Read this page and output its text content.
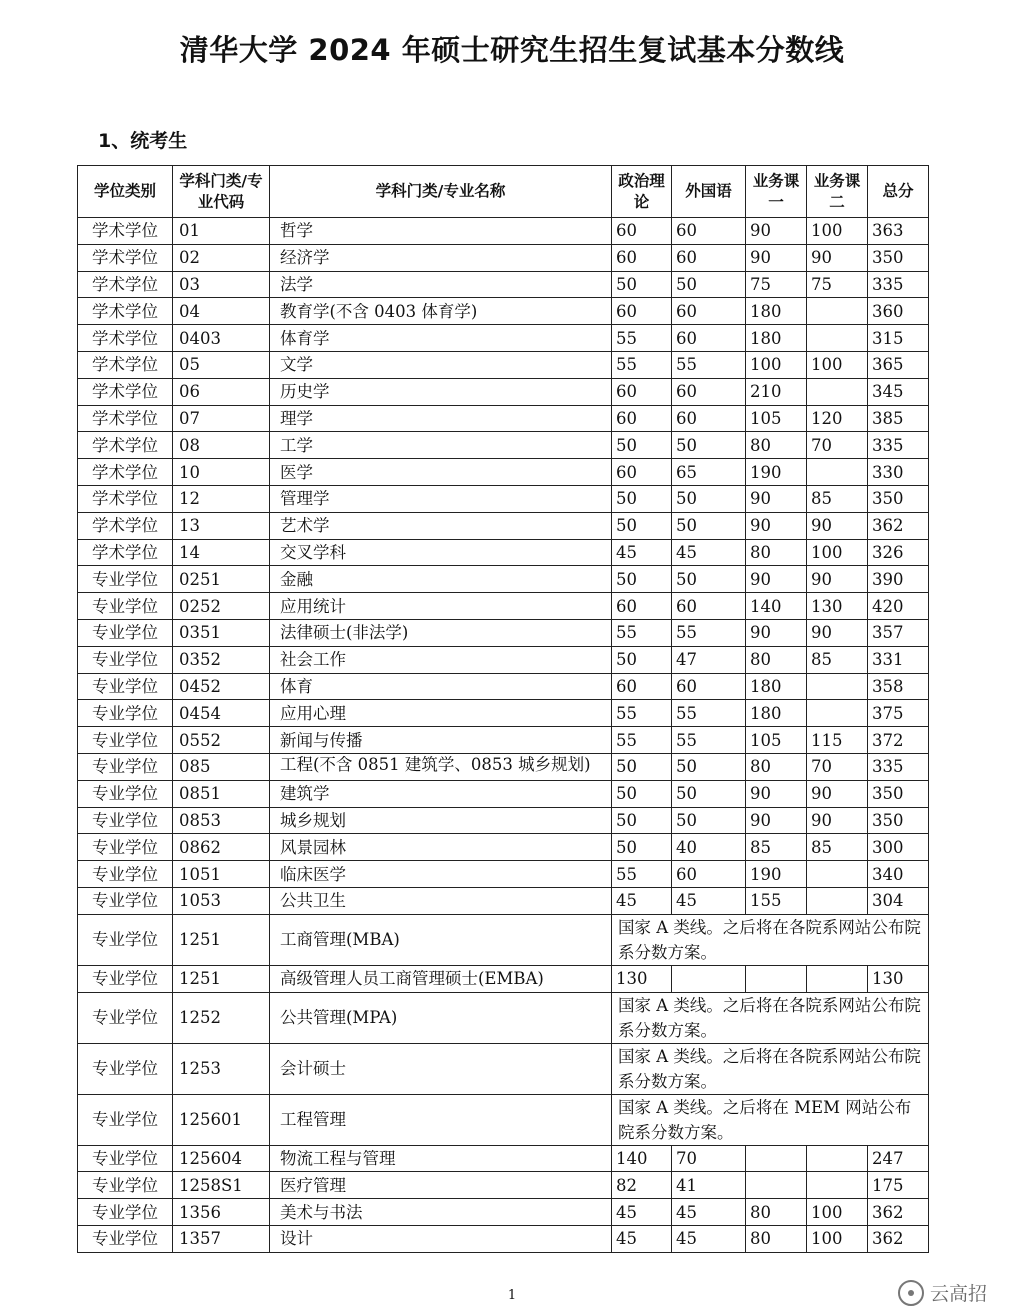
清华大学 2024 年硕士研究生招生复试基本分数线
1、统考生
学位类别	学科门类/专业代码	学科门类/专业名称	政治理论	外国语	业务课一	业务课二	总分
学术学位	01	哲学	60	60	90	100	363
学术学位	02	经济学	60	60	90	90	350
学术学位	03	法学	50	50	75	75	335
学术学位	04	教育学(不含 0403 体育学)	60	60	180		360
学术学位	0403	体育学	55	60	180		315
学术学位	05	文学	55	55	100	100	365
学术学位	06	历史学	60	60	210		345
学术学位	07	理学	60	60	105	120	385
学术学位	08	工学	50	50	80	70	335
学术学位	10	医学	60	65	190		330
学术学位	12	管理学	50	50	90	85	350
学术学位	13	艺术学	50	50	90	90	362
学术学位	14	交叉学科	45	45	80	100	326
专业学位	0251	金融	50	50	90	90	390
专业学位	0252	应用统计	60	60	140	130	420
专业学位	0351	法律硕士(非法学)	55	55	90	90	357
专业学位	0352	社会工作	50	47	80	85	331
专业学位	0452	体育	60	60	180		358
专业学位	0454	应用心理	55	55	180		375
专业学位	0552	新闻与传播	55	55	105	115	372
专业学位	085	工程(不含 0851 建筑学、0853 城乡规划)	50	50	80	70	335
专业学位	0851	建筑学	50	50	90	90	350
专业学位	0853	城乡规划	50	50	90	90	350
专业学位	0862	风景园林	50	40	85	85	300
专业学位	1051	临床医学	55	60	190		340
专业学位	1053	公共卫生	45	45	155		304
专业学位	1251	工商管理(MBA)	国家 A 类线。之后将在各院系网站公布院系分数方案。				
专业学位	1251	高级管理人员工商管理硕士(EMBA)	130				130
专业学位	1252	公共管理(MPA)	国家 A 类线。之后将在各院系网站公布院系分数方案。				
专业学位	1253	会计硕士	国家 A 类线。之后将在各院系网站公布院系分数方案。				
专业学位	125601	工程管理	国家 A 类线。之后将在 MEM 网站公布院系分数方案。				
专业学位	125604	物流工程与管理	140	70			247
专业学位	1258S1	医疗管理	82	41			175
专业学位	1356	美术与书法	45	45	80	100	362
专业学位	1357	设计	45	45	80	100	362
1	云高招
